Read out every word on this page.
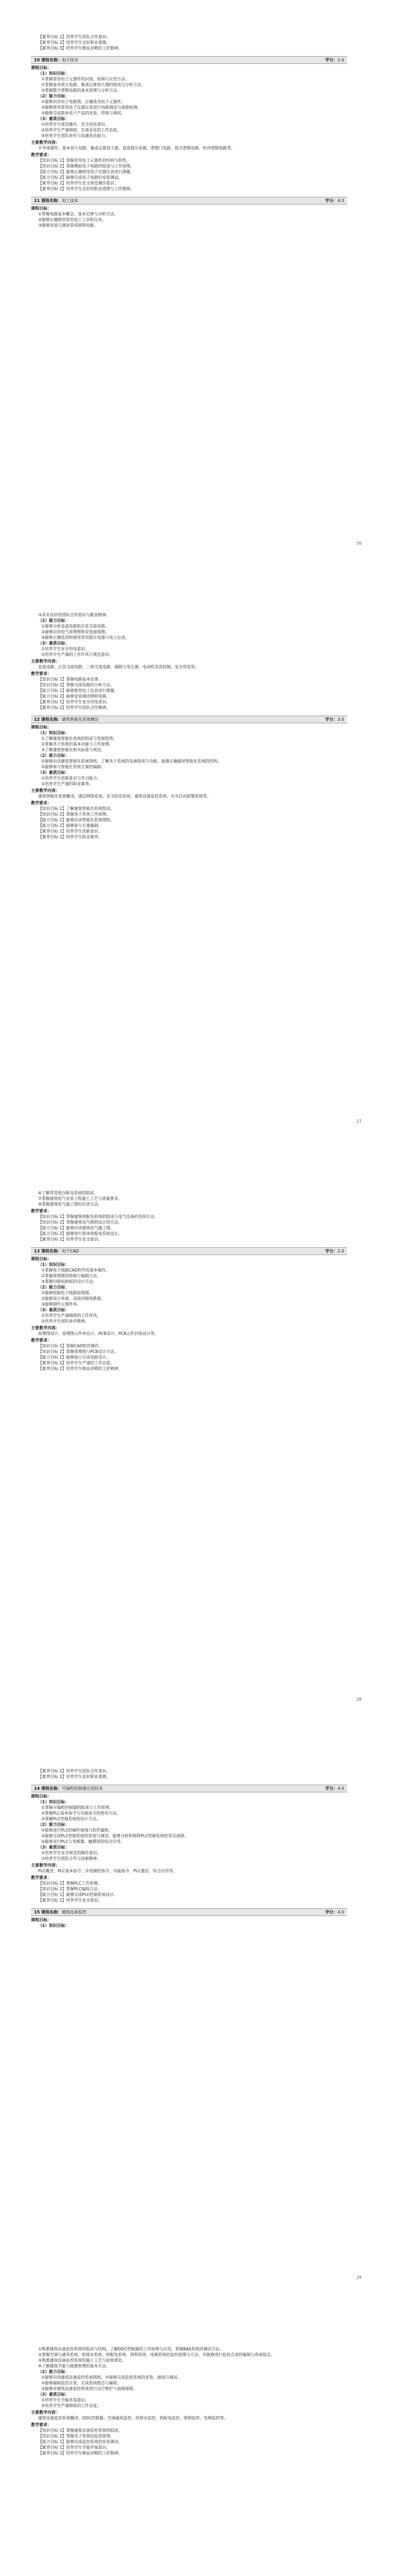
【素养目标 1】培养学生团队合作意识。
【素养目标 2】培养学生良好职业道德。
【素养目标 3】培养学生精益求精的工匠精神。
10 课程名称：电子技术	学分：2.0
课程目标：
（1）知识目标：
①掌握常用电子元器件的识别、检测与应用方法。
②掌握基本放大电路、集成运算放大器的组成与分析方法。
③掌握数字逻辑电路的基本原理与分析方法。
（2）能力目标：
①能够识读电子电路图，正确选用电子元器件。
②能够使用常用电子仪器仪表进行电路调试与故障检测。
③能够完成简单电子产品的安装、焊接与调试。
（3）素质目标：
①培养学生规范操作、安全用电意识。
②培养学生严谨细致、实事求是的工作态度。
③培养学生团队协作与沟通表达能力。
主要教学内容：
半导体器件、基本放大电路、集成运算放大器、直流稳压电源、逻辑门电路、组合逻辑电路、时序逻辑电路等。
教学要求：
【知识目标 1】掌握常用电子元器件的结构与特性。
【知识目标 2】掌握模拟电子电路的组成与工作原理。
【能力目标 1】能够正确使用电子仪器仪表进行测量。
【能力目标 2】能够完成电子电路的安装调试。
【素养目标 1】培养学生安全规范操作意识。
【素养目标 2】培养学生良好的职业道德与工匠精神。
11 课程名称：电工技术	学分：4.0
课程目标：
①掌握电路基本概念、基本定律与分析方法。
②能够正确使用常用电工工具和仪表。
③能够安装与调试常用照明电路。
26
③具有良好的团队合作意识与敬业精神。
（2）能力目标：
①能够分析直流电路和正弦交流电路。
②能够识读电气原理图和安装接线图。
③能够正确选用和使用常用低压电器与电工仪表。
（3）素质目标：
①培养学生安全用电意识。
②培养学生严谨的工作作风与规范意识。
主要教学内容：
直流电路、正弦交流电路、三相交流电路、磁路与变压器、电动机及其控制、安全用电等。
教学要求：
【知识目标 1】掌握电路基本定律。
【知识目标 2】掌握交流电路的分析方法。
【能力目标 1】能够使用电工仪表进行测量。
【能力目标 2】能够安装调试照明电路。
【素养目标 1】培养学生安全用电意识。
【素养目标 2】培养学生团队合作精神。
12 课程名称：建筑智能化系统概论	学分：3.0
课程目标：
（1）知识目标：
①了解建筑智能化系统的组成与发展趋势。
②掌握各子系统的基本功能与工作原理。
③了解建筑智能化相关标准与规范。
（2）能力目标：
①能够识读建筑智能化系统图纸，了解各子系统的设备组成与功能，能够正确描述智能化系统的结构。
②能够参与智能化系统方案的编制。
（3）素质目标：
①培养学生创新意识与学习能力。
②培养学生严谨的职业素养。
主要教学内容：
建筑智能化系统概述、通信网络系统、安全防范系统、建筑设备监控系统、火灾自动报警系统等。
教学要求：
【知识目标 1】了解建筑智能化系统组成。
【知识目标 2】掌握各子系统工作原理。
【能力目标 1】能够识读智能化系统图纸。
【能力目标 2】能够参与方案编制。
【素养目标 1】培养学生创新意识。
【素养目标 2】培养学生职业素养。
27
⑥了解常用低压配电系统的组成。
⑦掌握建筑电气安装工程施工工艺与质量要求。
⑧掌握建筑电气施工图的识读方法。
教学要求：
【知识目标 1】掌握建筑供配电系统的组成与电气设备的选择方法。
【知识目标 2】掌握建筑电气照明设计的方法。
【能力目标 1】能够识读建筑电气施工图。
【能力目标 2】能够进行简单供配电系统设计。
【素养目标 1】培养学生安全意识。
13 课程名称：电子CAD	学分：2.0
课程目标：
（1）知识目标：
①掌握电子线路CAD软件的基本操作。
②掌握原理图的绘制与编辑方法。
③掌握印制电路板的设计方法。
（2）能力目标：
①能够绘制电子线路原理图。
②能够设计单面、双面印制电路板。
③能够制作元器件库。
（3）素质目标：
①培养学生严谨细致的工作作风。
②培养学生团队协作精神。
主要教学内容：
原理图设计、原理图元件库设计、PCB设计、PCB元件封装设计等。
教学要求：
【知识目标 1】掌握CAD软件操作。
【知识目标 2】掌握原理图与PCB设计方法。
【能力目标 1】能够独立完成电路设计。
【素养目标 1】培养学生严谨的工作态度。
【素养目标 2】培养学生精益求精的工匠精神。
28
【素养目标 1】培养学生团队合作意识。
【素养目标 2】培养学生良好职业道德。
14 课程名称：可编程控制器应用技术	学分：4.0
课程目标：
（1）知识目标：
①掌握可编程控制器的组成与工作原理。
②掌握PLC基本指令与功能指令的使用方法。
③掌握PLC控制系统的设计方法。
（2）能力目标：
①能够进行PLC的硬件接线与软件编程。
②能够完成PLC控制系统的安装与调试，能够分析和排除PLC控制系统的常见故障。
③能够进行PLC与变频器、触摸屏的综合应用。
（3）素质目标：
①培养学生安全规范的操作意识。
②培养学生团队合作与创新精神。
主要教学内容：
PLC概述、PLC基本指令、步进顺控指令、功能指令、PLC通信、综合应用等。
教学要求：
【知识目标 1】掌握PLC工作原理。
【知识目标 2】掌握PLC编程方法。
【能力目标 1】能够完成PLC控制系统设计。
【素养目标 1】培养学生安全意识。
15 课程名称：建筑设备监控	学分：4.0
课程目标：
（1）知识目标：
29
①熟悉建筑设备监控系统的组成与结构，了解DDC控制器的工作原理与应用，掌握BAS系统的调试方法。
②掌握空调与通风系统、给排水系统、供配电系统、照明系统、电梯系统的监控原理与方法，并能够进行监控点表的编制与系统组态。
③熟悉建筑设备监控系统的施工工艺与验收规范。
④了解建筑节能与能源管理的基本方法。
（2）能力目标：
①能够识读建筑设备监控系统图纸，并能够完成监控系统的安装、接线与调试。
②能够编制监控点表，完成系统组态与编程。
③能够对建筑设备监控系统进行运行维护与故障排除。
（3）素质目标：
①培养学生节能环保意识。
②培养学生严谨细致的工作态度。
主要教学内容：
建筑设备监控系统概述、DDC控制器、空调通风监控、给排水监控、供配电监控、照明监控、电梯监控等。
教学要求：
【知识目标 1】掌握建筑设备监控系统的组成。
【知识目标 2】掌握各子系统的监控原理。
【能力目标 1】能够完成监控系统的安装调试。
【素养目标 1】培养学生节能环保意识。
【素养目标 2】培养学生精益求精的工匠精神。
